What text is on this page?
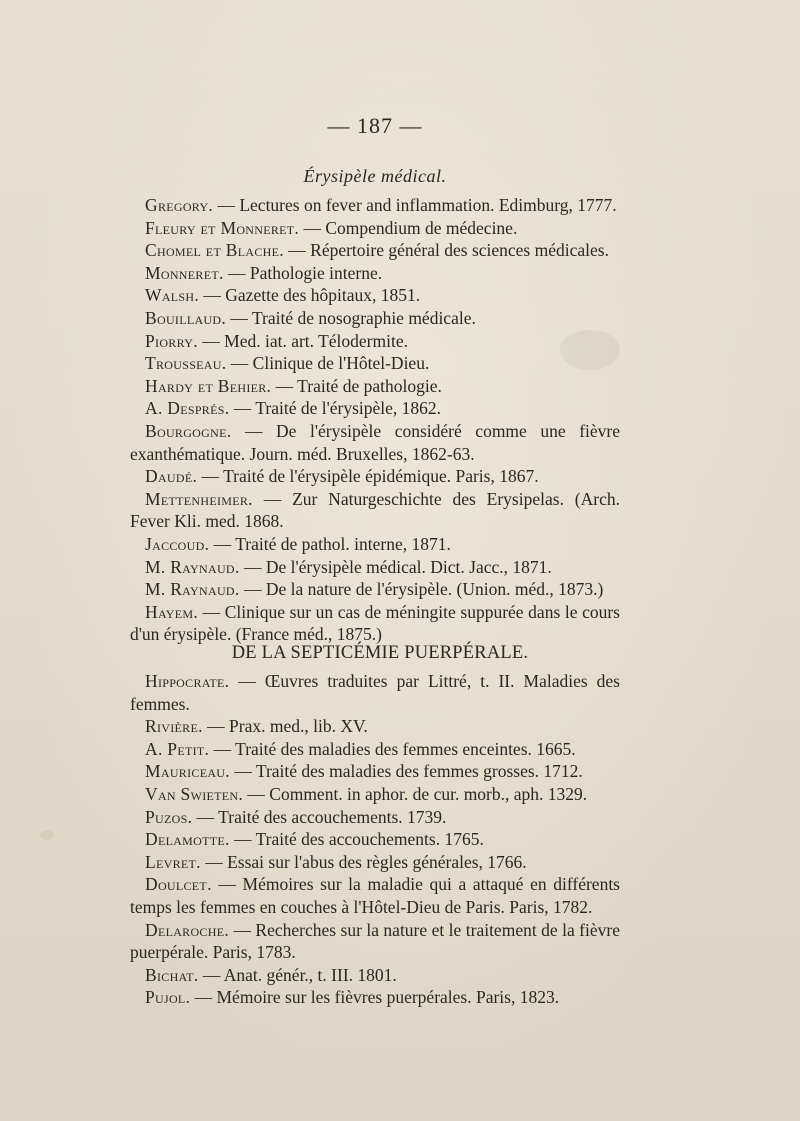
— 187 —
Érysipèle médical.

Gregory. — Lectures on fever and inflammation. Edimburg, 1777.

Fleury et Monneret. — Compendium de médecine.

Chomel et Blache. — Répertoire général des sciences médicales.

Monneret. — Pathologie interne.

Walsh. — Gazette des hôpitaux, 1851.

Bouillaud. — Traité de nosographie médicale.

Piorry. — Med. iat. art. Télodermite.

Trousseau. — Clinique de l'Hôtel-Dieu.

Hardy et Behier. — Traité de pathologie.

A. Després. — Traité de l'érysipèle, 1862.

Bourgogne. — De l'érysipèle considéré comme une fièvre exanthématique. Journ. méd. Bruxelles, 1862-63.

Daudé. — Traité de l'érysipèle épidémique. Paris, 1867.

Mettenheimer. — Zur Naturgeschichte des Erysipelas. (Arch. Fever Kli. med. 1868.

Jaccoud. — Traité de pathol. interne, 1871.

M. Raynaud. — De l'érysipèle médical. Dict. Jacc., 1871.

M. Raynaud. — De la nature de l'érysipèle. (Union. méd., 1873.)

Hayem. — Clinique sur un cas de méningite suppurée dans le cours d'un érysipèle. (France méd., 1875.)

DE LA SEPTICÉMIE PUERPÉRALE.

Hippocrate. — Œuvres traduites par Littré, t. II. Maladies des femmes.

Rivière. — Prax. med., lib. XV.

A. Petit. — Traité des maladies des femmes enceintes. 1665.

Mauriceau. — Traité des maladies des femmes grosses. 1712.

Van Swieten. — Comment. in aphor. de cur. morb., aph. 1329.

Puzos. — Traité des accouchements. 1739.

Delamotte. — Traité des accouchements. 1765.

Levret. — Essai sur l'abus des règles générales, 1766.

Doulcet. — Mémoires sur la maladie qui a attaqué en différents temps les femmes en couches à l'Hôtel-Dieu de Paris. Paris, 1782.

Delaroche. — Recherches sur la nature et le traitement de la fièvre puerpérale. Paris, 1783.

Bichat. — Anat. génér., t. III. 1801.

Pujol. — Mémoire sur les fièvres puerpérales. Paris, 1823.
